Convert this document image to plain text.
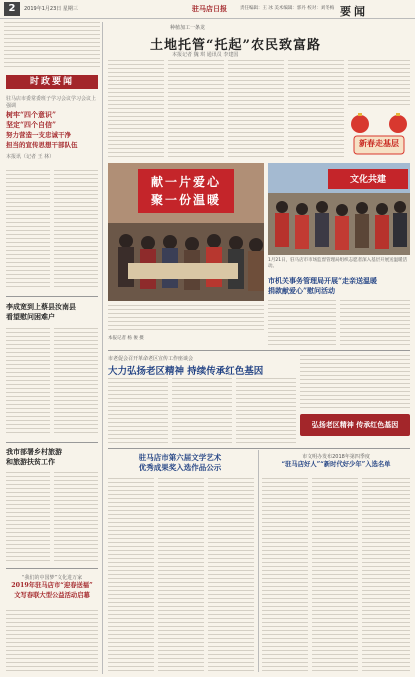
2	2019年1月23日 星期三	驻马店日报	责任编辑：王 冰 美术编辑：郭丹 校对：刘冬梅 要闻
时政要闻
驻马店市委常委班子学习会议学习会议上强调
树牢“四个意识”
坚定“四个自信”
努力营造一支忠诚干净
担当的宣传思想干部队伍
本报讯（记者 王 林）
李成宽到上蔡县汝南县
看望慰问困难户
我市部署乡村旅游
和旅游扶贫工作
“我们的中国梦”文化进万家
2019年驻马店市“迎春送福”
文写春联大型公益活动启幕
种植加工一条龙
土地托管“托起”农民致富路
本报记者 魏 琪 通讯员 李建国
新春走基层
献一片爱心
聚一份温暖
文化共建
1月21日，驻马店市市场监督管理局组织志愿者深入基层开展送温暖活动。
本报记者 杨 俊 摄
市机关事务管理局开展“走亲送温暖
捐款献爱心”慰问活动
市老促会召开革命老区宣传工作座谈会
大力弘扬老区精神 持续传承红色基因
弘扬老区精神 传承红色基因
驻马店市第六届文学艺术
优秀成果奖入选作品公示
市文明办发布2018年第四季度
“驻马店好人”“新时代好少年”入选名单
